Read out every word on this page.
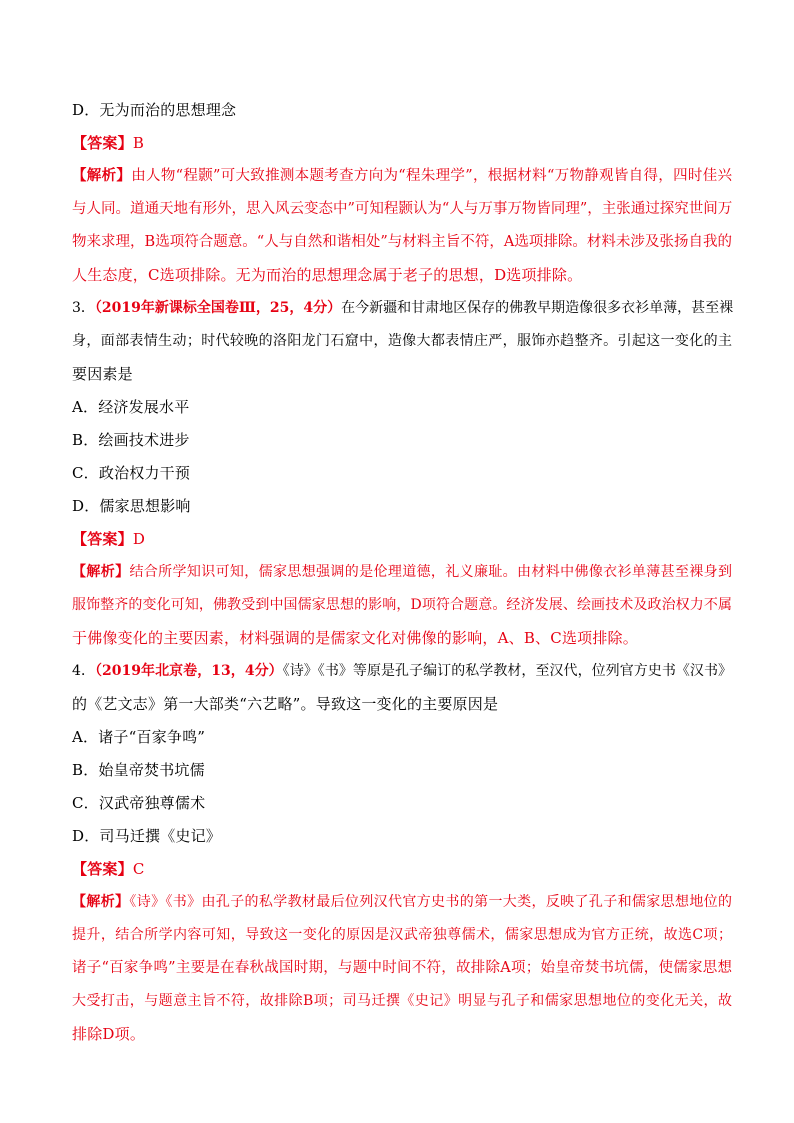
D．无为而治的思想理念
【答案】B
【解析】由人物“程颢”可大致推测本题考查方向为“程朱理学”，根据材料“万物静观皆自得，四时佳兴
与人同。道通天地有形外，思入风云变态中”可知程颢认为“人与万事万物皆同理”，主张通过探究世间万
物来求理，B选项符合题意。“人与自然和谐相处”与材料主旨不符，A选项排除。材料未涉及张扬自我的
人生态度，C选项排除。无为而治的思想理念属于老子的思想，D选项排除。
3．（2019年新课标全国卷Ⅲ，25，4分）在今新疆和甘肃地区保存的佛教早期造像很多衣衫单薄，甚至裸
身，面部表情生动；时代较晚的洛阳龙门石窟中，造像大都表情庄严，服饰亦趋整齐。引起这一变化的主
要因素是
A．经济发展水平
B．绘画技术进步
C．政治权力干预
D．儒家思想影响
【答案】D
【解析】结合所学知识可知，儒家思想强调的是伦理道德，礼义廉耻。由材料中佛像衣衫单薄甚至裸身到
服饰整齐的变化可知，佛教受到中国儒家思想的影响，D项符合题意。经济发展、绘画技术及政治权力不属
于佛像变化的主要因素，材料强调的是儒家文化对佛像的影响，A、B、C选项排除。
4．（2019年北京卷，13，4分）《诗》《书》等原是孔子编订的私学教材，至汉代，位列官方史书《汉书》
的《艺文志》第一大部类“六艺略”。导致这一变化的主要原因是
A．诸子“百家争鸣”
B．始皇帝焚书坑儒
C．汉武帝独尊儒术
D．司马迁撰《史记》
【答案】C
【解析】《诗》《书》由孔子的私学教材最后位列汉代官方史书的第一大类，反映了孔子和儒家思想地位的
提升，结合所学内容可知，导致这一变化的原因是汉武帝独尊儒术，儒家思想成为官方正统，故选C项；
诸子“百家争鸣”主要是在春秋战国时期，与题中时间不符，故排除A项；始皇帝焚书坑儒，使儒家思想
大受打击，与题意主旨不符，故排除B项；司马迁撰《史记》明显与孔子和儒家思想地位的变化无关，故
排除D项。
